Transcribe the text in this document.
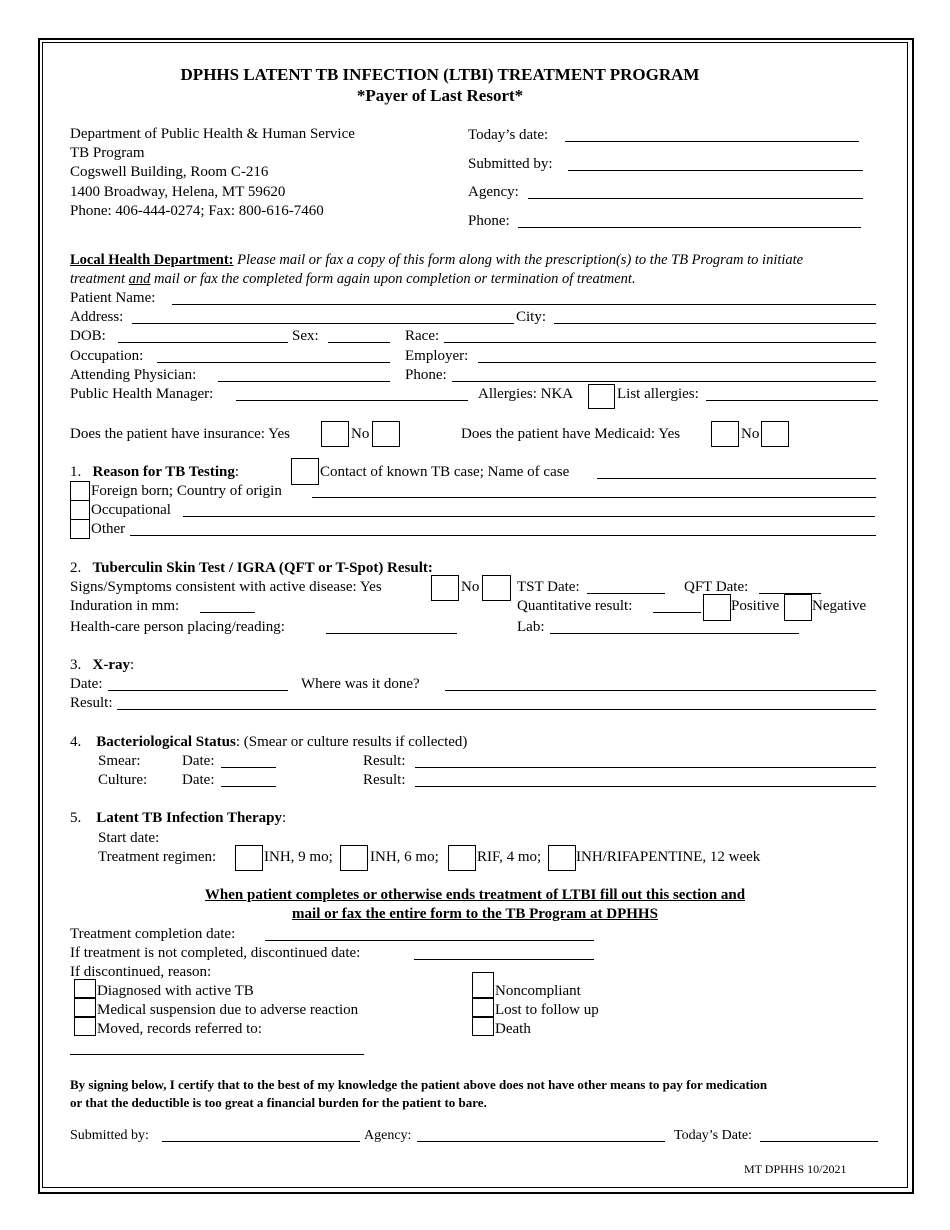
DPHHS LATENT TB INFECTION (LTBI) TREATMENT PROGRAM
*Payer of Last Resort*
Department of Public Health & Human Service
TB Program
Cogswell Building, Room C-216
1400 Broadway, Helena, MT 59620
Phone: 406-444-0274; Fax: 800-616-7460
Today’s date:
Submitted by:
Agency:
Phone:
Local Health Department: Please mail or fax a copy of this form along with the prescription(s) to the TB Program to initiate
treatment and mail or fax the completed form again upon completion or termination of treatment.
Patient Name:
Address:	City:
DOB:	Sex:	Race:
Occupation:	Employer:
Attending Physician:	Phone:
Public Health Manager:	Allergies: NKA	List allergies:
Does the patient have insurance: Yes	No	Does the patient have Medicaid: Yes	No
1. Reason for TB Testing:	Contact of known TB case; Name of case
Foreign born; Country of origin
Occupational
Other
2. Tuberculin Skin Test / IGRA (QFT or T-Spot) Result:
Signs/Symptoms consistent with active disease: Yes	No	TST Date:	QFT Date:
Induration in mm:	Quantitative result:	Positive Negative
Health-care person placing/reading:	Lab:
3. X-ray:
Date:	Where was it done?
Result:
4. Bacteriological Status: (Smear or culture results if collected)
Smear:	Date:	Result:
Culture: Date:	Result:
5. Latent TB Infection Therapy:
Start date:
Treatment regimen:	INH, 9 mo; INH, 6 mo;	RIF, 4 mo; INH/RIFAPENTINE, 12 week
When patient completes or otherwise ends treatment of LTBI fill out this section and
mail or fax the entire form to the TB Program at DPHHS
Treatment completion date:
If treatment is not completed, discontinued date:
If discontinued, reason:
Diagnosed with active TB
Medical suspension due to adverse reaction
Moved, records referred to:
Noncompliant
Lost to follow up
Death
By signing below, I certify that to the best of my knowledge the patient above does not have other means to pay for medication
or that the deductible is too great a financial burden for the patient to bare.
Submitted by:	Agency:	Today’s Date:
MT DPHHS 10/2021
